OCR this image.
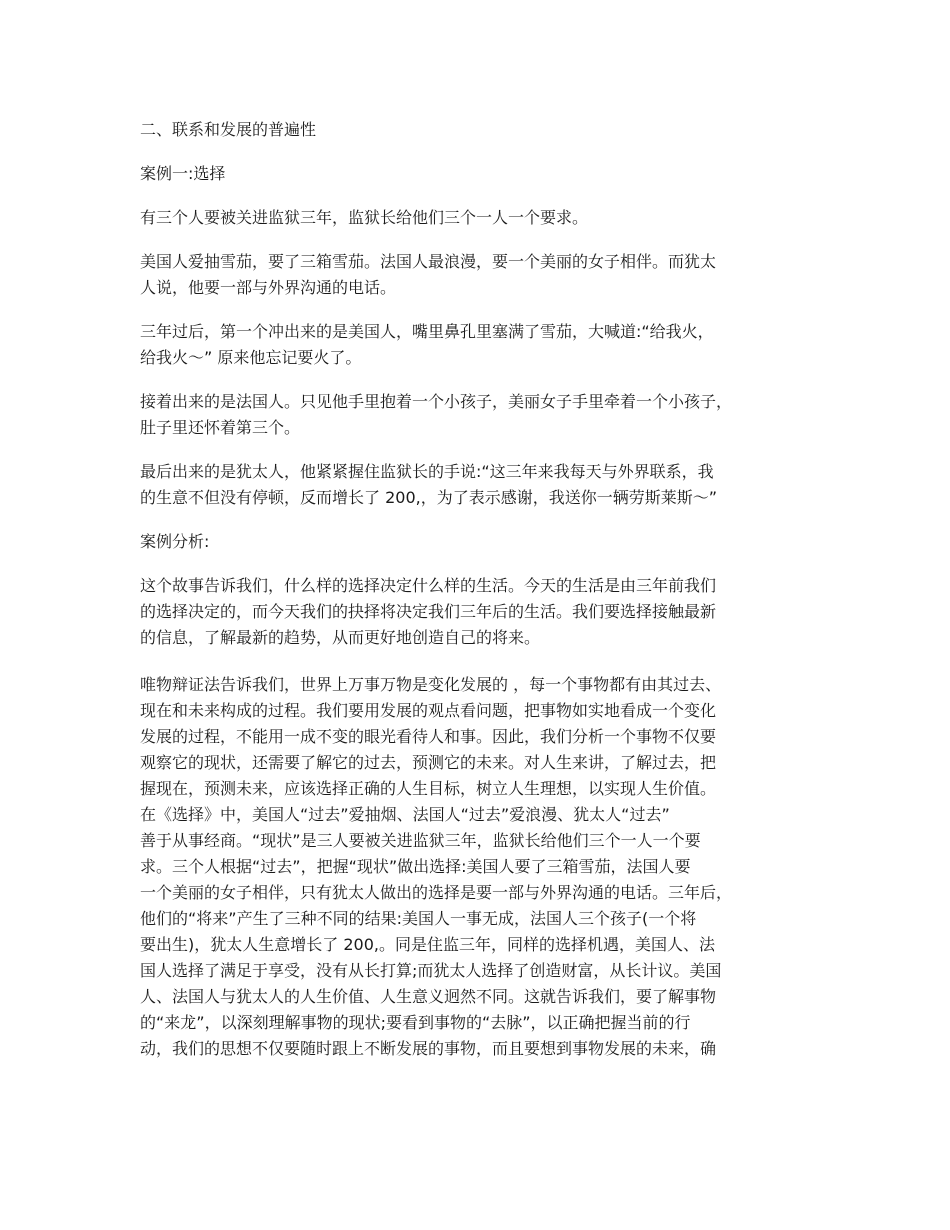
二、联系和发展的普遍性

案例一:选择

有三个人要被关进监狱三年，监狱长给他们三个一人一个要求。

美国人爱抽雪茄，要了三箱雪茄。法国人最浪漫，要一个美丽的女子相伴。而犹太
人说，他要一部与外界沟通的电话。

三年过后，第一个冲出来的是美国人，嘴里鼻孔里塞满了雪茄，大喊道:“给我火，
给我火～” 原来他忘记要火了。

接着出来的是法国人。只见他手里抱着一个小孩子，美丽女子手里牵着一个小孩子，
肚子里还怀着第三个。

最后出来的是犹太人，他紧紧握住监狱长的手说:“这三年来我每天与外界联系，我
的生意不但没有停顿，反而增长了 200,，为了表示感谢，我送你一辆劳斯莱斯～”

案例分析:

这个故事告诉我们，什么样的选择决定什么样的生活。今天的生活是由三年前我们
的选择决定的，而今天我们的抉择将决定我们三年后的生活。我们要选择接触最新
的信息，了解最新的趋势，从而更好地创造自己的将来。

唯物辩证法告诉我们，世界上万事万物是变化发展的 ，每一个事物都有由其过去、
现在和未来构成的过程。我们要用发展的观点看问题，把事物如实地看成一个变化
发展的过程，不能用一成不变的眼光看待人和事。因此，我们分析一个事物不仅要
观察它的现状，还需要了解它的过去，预测它的未来。对人生来讲，了解过去，把
握现在，预测未来，应该选择正确的人生目标，树立人生理想，以实现人生价值。
在《选择》中，美国人“过去”爱抽烟、法国人“过去”爱浪漫、犹太人“过去”
善于从事经商。“现状”是三人要被关进监狱三年，监狱长给他们三个一人一个要
求。三个人根据“过去”，把握“现状”做出选择:美国人要了三箱雪茄，法国人要
一个美丽的女子相伴，只有犹太人做出的选择是要一部与外界沟通的电话。三年后，
他们的“将来”产生了三种不同的结果:美国人一事无成，法国人三个孩子(一个将
要出生)，犹太人生意增长了 200,。同是住监三年，同样的选择机遇，美国人、法
国人选择了满足于享受，没有从长打算;而犹太人选择了创造财富，从长计议。美国
人、法国人与犹太人的人生价值、人生意义迥然不同。这就告诉我们，要了解事物
的“来龙”，以深刻理解事物的现状;要看到事物的“去脉”，以正确把握当前的行
动，我们的思想不仅要随时跟上不断发展的事物，而且要想到事物发展的未来，确
